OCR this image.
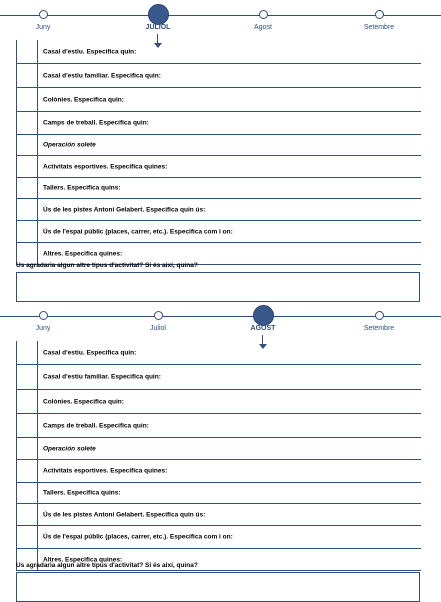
Juny	JULIOL	Agost	Setembre
Casal d'estiu. Especifica quin:
Casal d'estiu familiar. Especifica quin:
Colònies. Especifica quin:
Camps de treball. Especifica quin:
Operación solete
Activitats esportives. Especifica quines:
Tallers. Especifica quins:
Ús de les pistes Antoni Gelabert. Especifica quin ús:
Ús de l'espai públic (places, carrer, etc.). Especifica com i on:
Altres. Especifica quines:
Us agradaria algun altre tipus d'activitat? Si és així, quina?
Juny	Juliol	AGOST	Setembre
Casal d'estiu. Especifica quin:
Casal d'estiu familiar. Especifica quin:
Colònies. Especifica quin:
Camps de treball. Especifica quin:
Operación solete
Activitats esportives. Especifica quines:
Tallers. Especifica quins:
Ús de les pistes Antoni Gelabert. Especifica quin ús:
Ús de l'espai públic (places, carrer, etc.). Especifica com i on:
Altres. Especifica quines:
Us agradaria algun altre tipus d'activitat? Si és així, quina?
